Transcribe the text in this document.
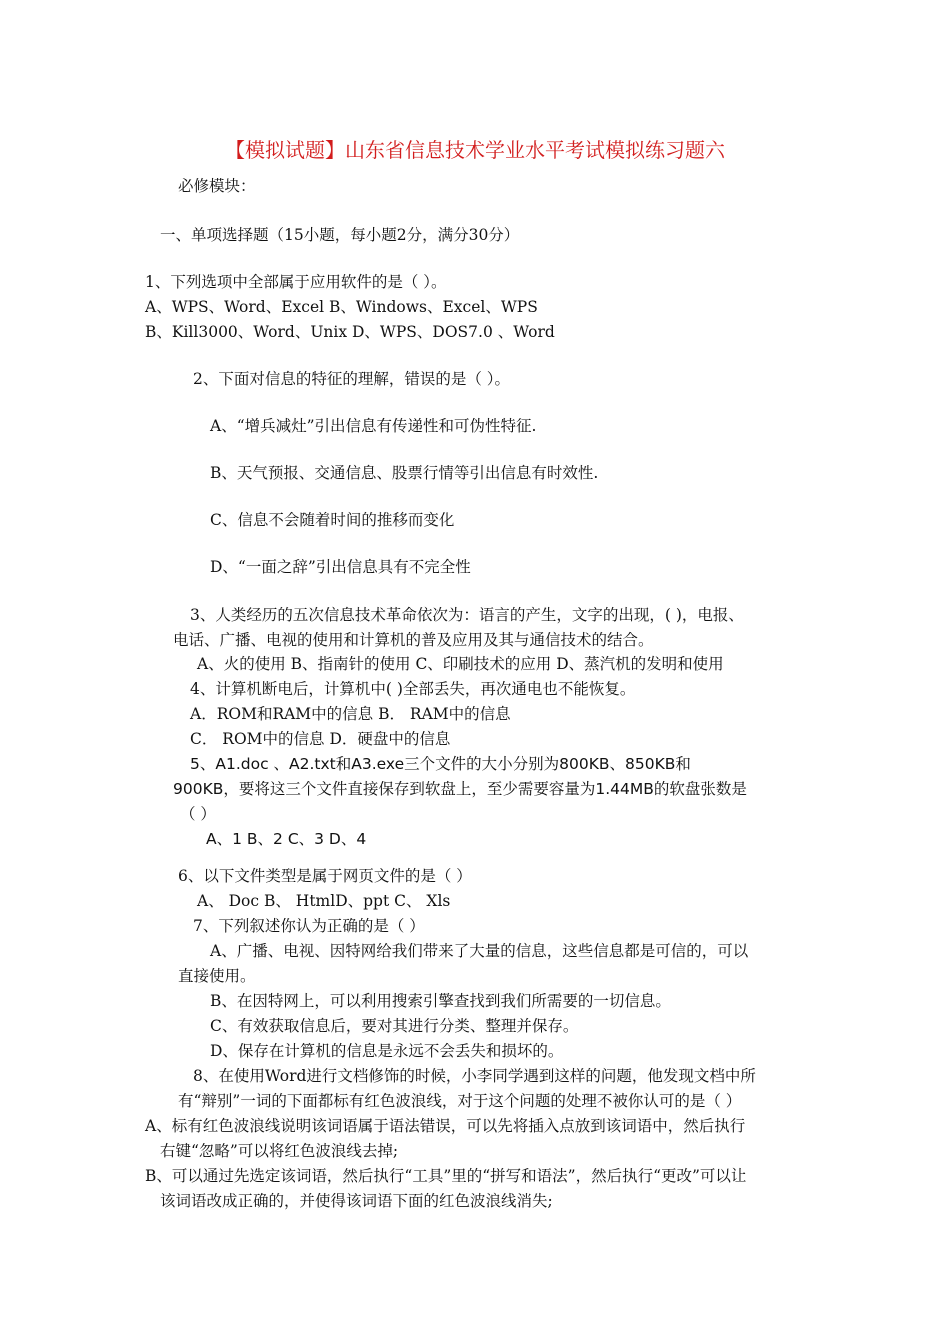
【模拟试题】山东省信息技术学业水平考试模拟练习题六
必修模块：
一、单项选择题（15小题，每小题2分，满分30分）
1、下列选项中全部属于应用软件的是（ ）。
A、WPS、Word、Excel B、Windows、Excel、WPS
B、Kill3000、Word、Unix D、WPS、DOS7.0 、Word
2、下面对信息的特征的理解，错误的是（ ）。
A、“增兵减灶”引出信息有传递性和可伪性特征.
B、天气预报、交通信息、股票行情等引出信息有时效性.
C、信息不会随着时间的推移而变化
D、“一面之辞”引出信息具有不完全性
3、人类经历的五次信息技术革命依次为：语言的产生，文字的出现，( )，电报、
电话、广播、电视的使用和计算机的普及应用及其与通信技术的结合。
A、火的使用 B、指南针的使用 C、印刷技术的应用 D、蒸汽机的发明和使用
4、计算机断电后，计算机中( )全部丢失，再次通电也不能恢复。
A．ROM和RAM中的信息 B． RAM中的信息
C． ROM中的信息 D．硬盘中的信息
5、A1.doc 、A2.txt和A3.exe三个文件的大小分别为800KB、850KB和
900KB，要将这三个文件直接保存到软盘上，至少需要容量为1.44MB的软盘张数是
（ ）
A、1 B、2 C、3 D、4
6、以下文件类型是属于网页文件的是（ ）
A、 Doc B、 HtmlD、ppt C、 Xls
7、下列叙述你认为正确的是（ ）
A、广播、电视、因特网给我们带来了大量的信息，这些信息都是可信的，可以
直接使用。
B、在因特网上，可以利用搜索引擎查找到我们所需要的一切信息。
C、有效获取信息后，要对其进行分类、整理并保存。
D、保存在计算机的信息是永远不会丢失和损坏的。
8、在使用Word进行文档修饰的时候，小李同学遇到这样的问题，他发现文档中所
有“辩别”一词的下面都标有红色波浪线，对于这个问题的处理不被你认可的是（ ）
A、标有红色波浪线说明该词语属于语法错误，可以先将插入点放到该词语中，然后执行
右键“忽略”可以将红色波浪线去掉;
B、可以通过先选定该词语，然后执行“工具”里的“拼写和语法”，然后执行“更改”可以让
该词语改成正确的，并使得该词语下面的红色波浪线消失;
